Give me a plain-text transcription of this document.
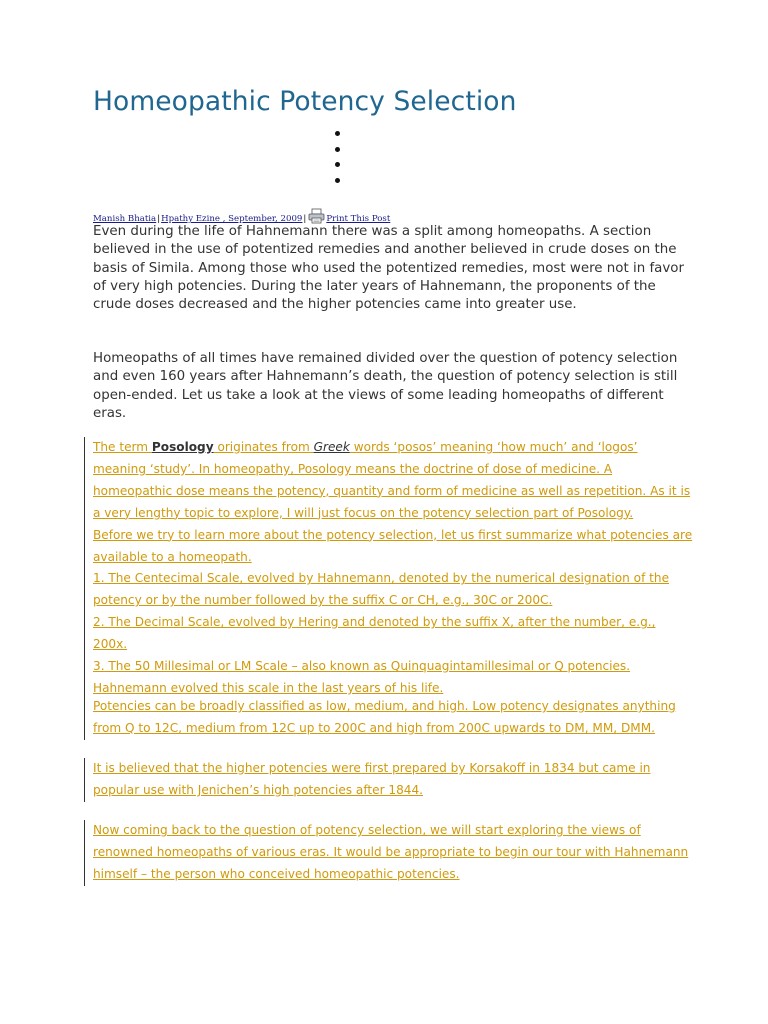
Homeopathic Potency Selection
Manish Bhatia | Hpathy Ezine , September, 2009 | Print This Post

Even during the life of Hahnemann there was a split among homeopaths. A section believed in the use of potentized remedies and another believed in crude doses on the basis of Simila. Among those who used the potentized remedies, most were not in favor of very high potencies. During the later years of Hahnemann, the proponents of the crude doses decreased and the higher potencies came into greater use.

Homeopaths of all times have remained divided over the question of potency selection and even 160 years after Hahnemann’s death, the question of potency selection is still open-ended. Let us take a look at the views of some leading homeopaths of different eras.

The term Posology originates from Greek words ‘posos’ meaning ‘how much’ and ‘logos’ meaning ‘study’. In homeopathy, Posology means the doctrine of dose of medicine. A homeopathic dose means the potency, quantity and form of medicine as well as repetition. As it is a very lengthy topic to explore, I will just focus on the potency selection part of Posology.

Before we try to learn more about the potency selection, let us first summarize what potencies are available to a homeopath.

1. The Centecimal Scale, evolved by Hahnemann, denoted by the numerical designation of the potency or by the number followed by the suffix C or CH, e.g., 30C or 200C.

2. The Decimal Scale, evolved by Hering and denoted by the suffix X, after the number, e.g., 200x.

3. The 50 Millesimal or LM Scale – also known as Quinquagintamillesimal or Q potencies. Hahnemann evolved this scale in the last years of his life.

Potencies can be broadly classified as low, medium, and high. Low potency designates anything from Q to 12C, medium from 12C up to 200C and high from 200C upwards to DM, MM, DMM.

It is believed that the higher potencies were first prepared by Korsakoff in 1834 but came in popular use with Jenichen’s high potencies after 1844.

Now coming back to the question of potency selection, we will start exploring the views of renowned homeopaths of various eras. It would be appropriate to begin our tour with Hahnemann himself – the person who conceived homeopathic potencies.
